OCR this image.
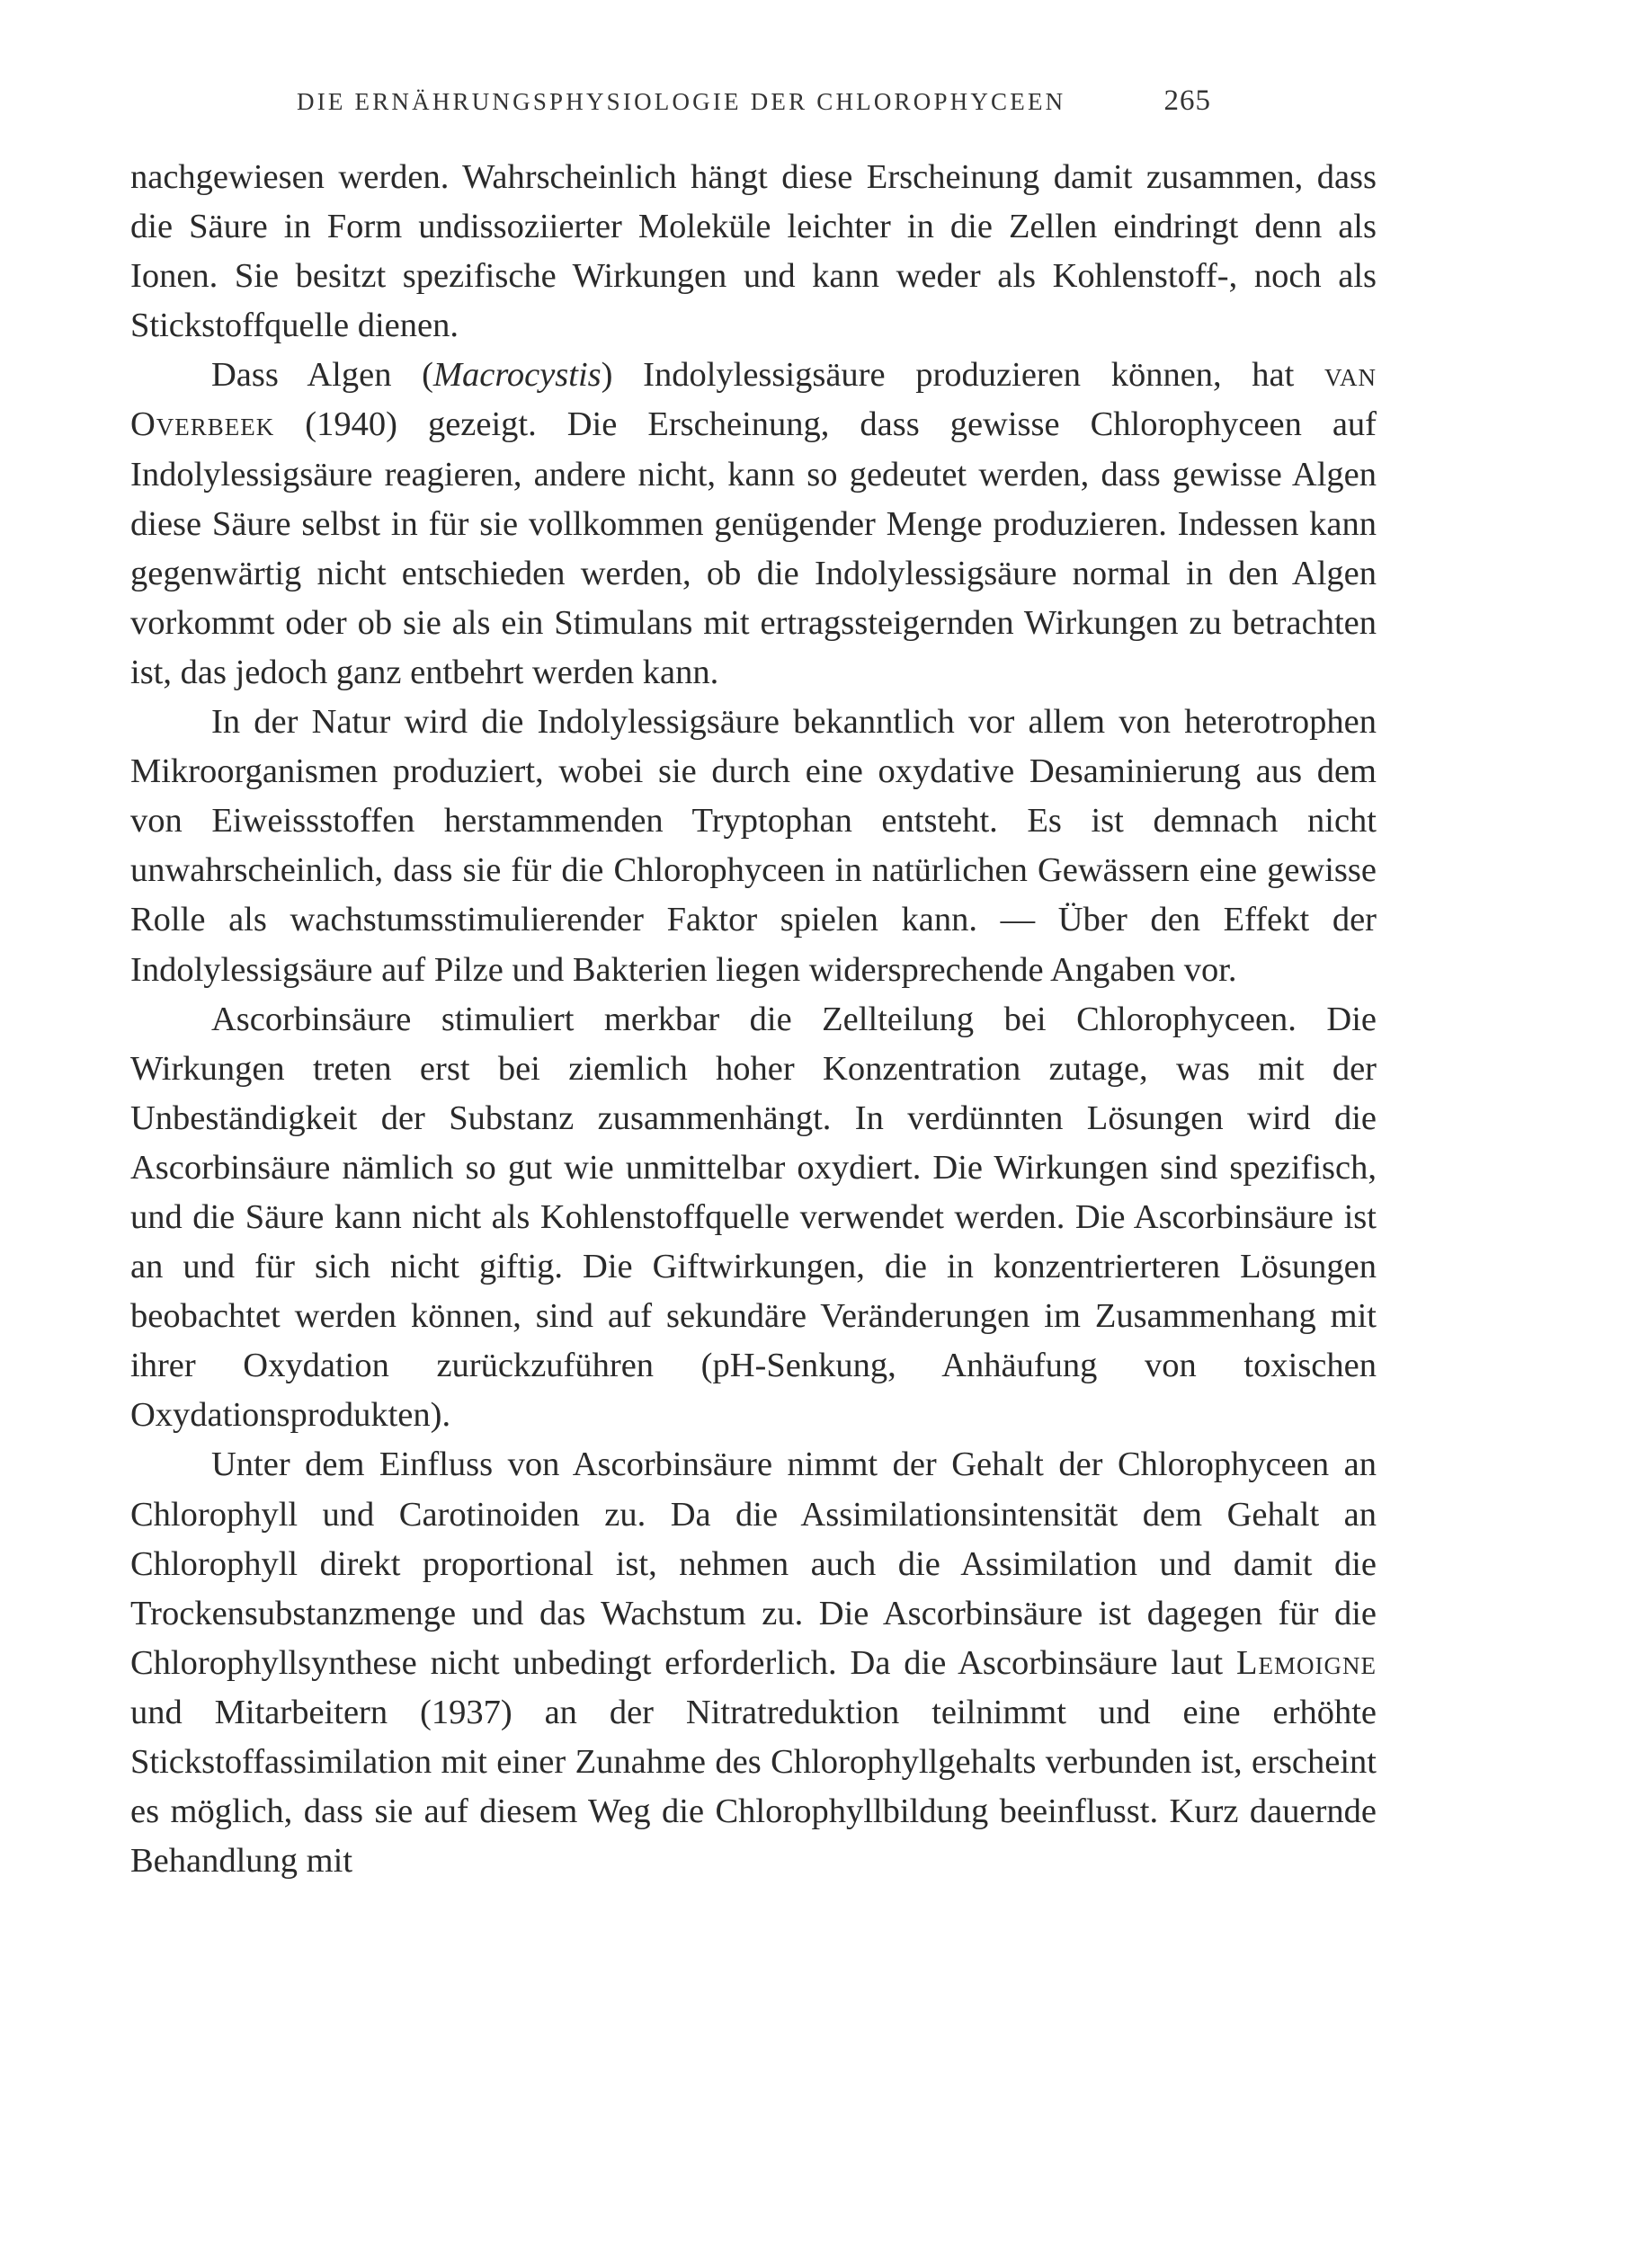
DIE ERNÄHRUNGSPHYSIOLOGIE DER CHLOROPHYCEEN	265

nachgewiesen werden. Wahrscheinlich hängt diese Erscheinung damit zusammen, dass die Säure in Form undissoziierter Moleküle leichter in die Zellen eindringt denn als Ionen. Sie besitzt spezifische Wirkungen und kann weder als Kohlenstoff-, noch als Stickstoffquelle dienen.

Dass Algen (Macrocystis) Indolylessigsäure produzieren können, hat van Overbeek (1940) gezeigt. Die Erscheinung, dass gewisse Chlorophyceen auf Indolylessigsäure reagieren, andere nicht, kann so gedeutet werden, dass gewisse Algen diese Säure selbst in für sie vollkommen genügender Menge produzieren. Indessen kann gegenwärtig nicht entschieden werden, ob die Indolylessigsäure normal in den Algen vorkommt oder ob sie als ein Stimulans mit ertragssteigernden Wirkungen zu betrachten ist, das jedoch ganz entbehrt werden kann.

In der Natur wird die Indolylessigsäure bekanntlich vor allem von heterotrophen Mikroorganismen produziert, wobei sie durch eine oxydative Desaminierung aus dem von Eiweissstoffen herstammenden Tryptophan entsteht. Es ist demnach nicht unwahrscheinlich, dass sie für die Chlorophyceen in natürlichen Gewässern eine gewisse Rolle als wachstumsstimulierender Faktor spielen kann. — Über den Effekt der Indolylessigsäure auf Pilze und Bakterien liegen widersprechende Angaben vor.

Ascorbinsäure stimuliert merkbar die Zellteilung bei Chlorophyceen. Die Wirkungen treten erst bei ziemlich hoher Konzentration zutage, was mit der Unbeständigkeit der Substanz zusammenhängt. In verdünnten Lösungen wird die Ascorbinsäure nämlich so gut wie unmittelbar oxydiert. Die Wirkungen sind spezifisch, und die Säure kann nicht als Kohlenstoffquelle verwendet werden. Die Ascorbinsäure ist an und für sich nicht giftig. Die Giftwirkungen, die in konzentrierteren Lösungen beobachtet werden können, sind auf sekundäre Veränderungen im Zusammenhang mit ihrer Oxydation zurückzuführen (pH-Senkung, Anhäufung von toxischen Oxydationsprodukten).

Unter dem Einfluss von Ascorbinsäure nimmt der Gehalt der Chlorophyceen an Chlorophyll und Carotinoiden zu. Da die Assimilationsintensität dem Gehalt an Chlorophyll direkt proportional ist, nehmen auch die Assimilation und damit die Trockensubstanzmenge und das Wachstum zu. Die Ascorbinsäure ist dagegen für die Chlorophyllsynthese nicht unbedingt erforderlich. Da die Ascorbinsäure laut Lemoigne und Mitarbeitern (1937) an der Nitratreduktion teilnimmt und eine erhöhte Stickstoffassimilation mit einer Zunahme des Chlorophyllgehalts verbunden ist, erscheint es möglich, dass sie auf diesem Weg die Chlorophyllbildung beeinflusst. Kurz dauernde Behandlung mit
